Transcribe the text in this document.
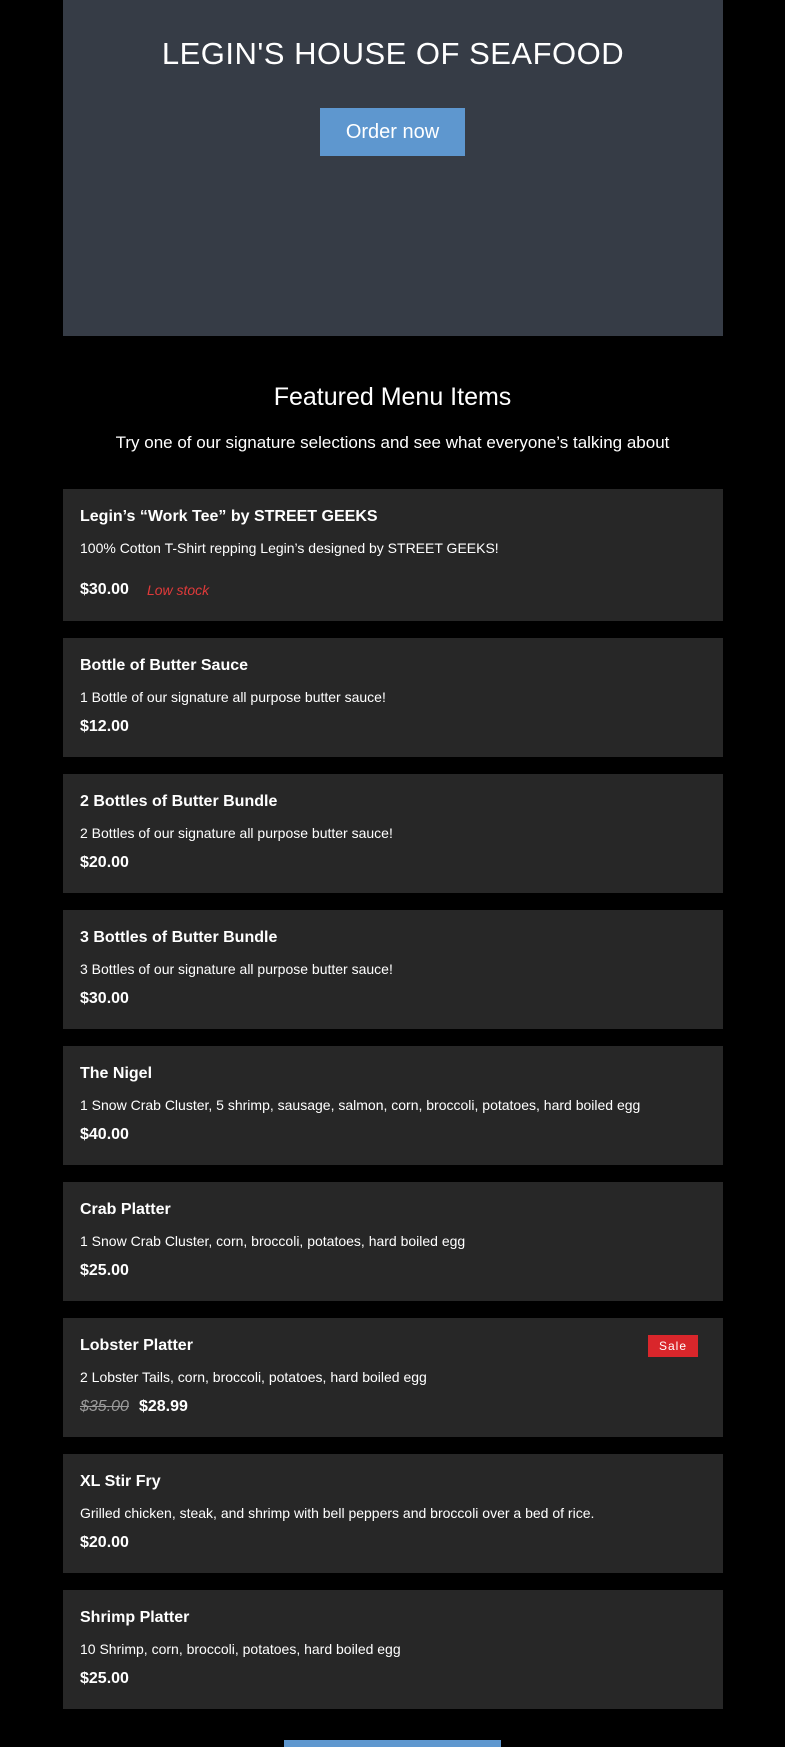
LEGIN'S HOUSE OF SEAFOOD
Order now
Featured Menu Items

Try one of our signature selections and see what everyone’s talking about

Legin’s “Work Tee” by STREET GEEKS

100% Cotton T-Shirt repping Legin’s designed by STREET GEEKS!

$30.00 Low stock
Bottle of Butter Sauce

1 Bottle of our signature all purpose butter sauce!

$12.00
2 Bottles of Butter Bundle

2 Bottles of our signature all purpose butter sauce!

$20.00
3 Bottles of Butter Bundle

3 Bottles of our signature all purpose butter sauce!

$30.00
The Nigel

1 Snow Crab Cluster, 5 shrimp, sausage, salmon, corn, broccoli, potatoes, hard boiled egg

$40.00
Crab Platter

1 Snow Crab Cluster, corn, broccoli, potatoes, hard boiled egg

$25.00
Lobster Platter	Sale

2 Lobster Tails, corn, broccoli, potatoes, hard boiled egg

$35.00 $28.99
XL Stir Fry

Grilled chicken, steak, and shrimp with bell peppers and broccoli over a bed of rice.

$20.00
Shrimp Platter

10 Shrimp, corn, broccoli, potatoes, hard boiled egg

$25.00
